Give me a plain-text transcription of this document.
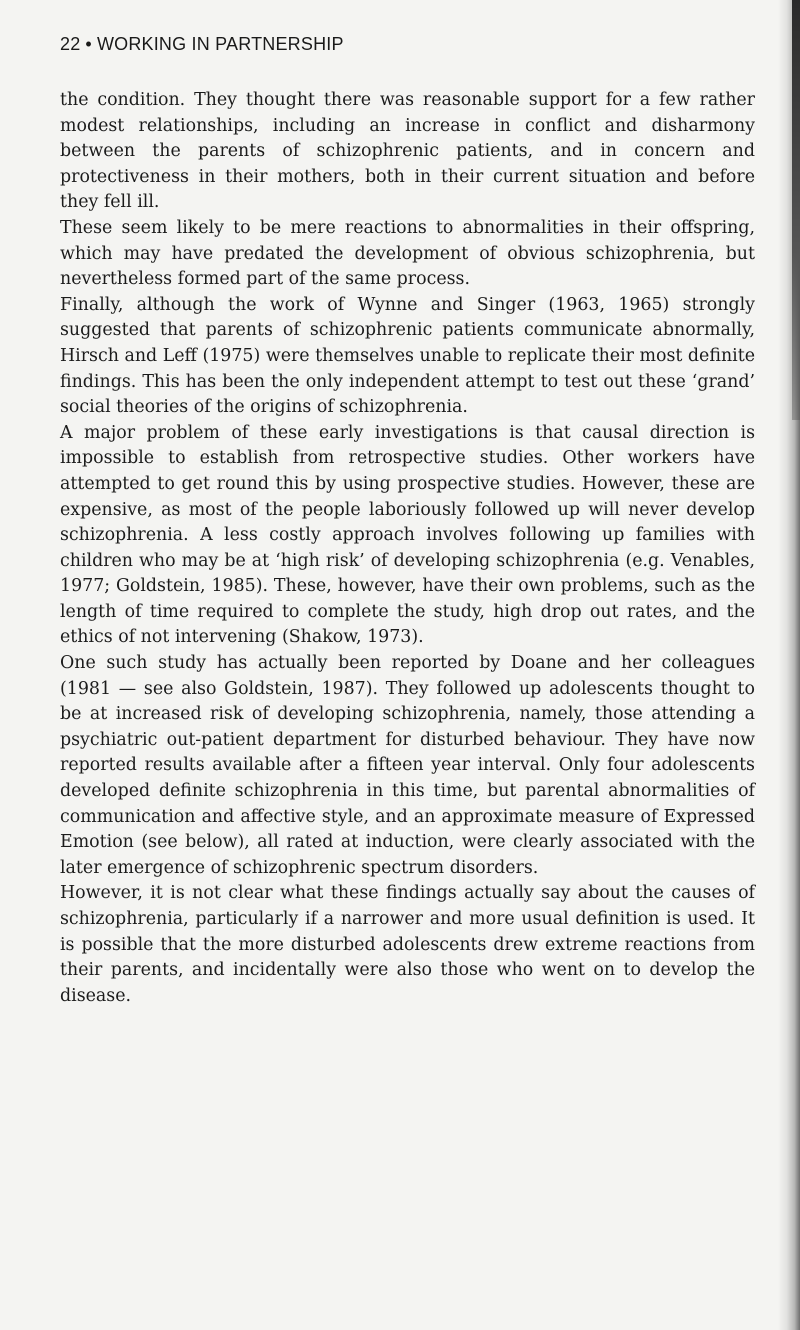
22 • WORKING IN PARTNERSHIP

the condition. They thought there was reasonable support for a few rather modest relationships, including an increase in conflict and disharmony between the parents of schizophrenic patients, and in concern and protectiveness in their mothers, both in their current situation and before they fell ill.

These seem likely to be mere reactions to abnormalities in their offspring, which may have predated the development of obvious schizophrenia, but nevertheless formed part of the same process.

Finally, although the work of Wynne and Singer (1963, 1965) strongly suggested that parents of schizophrenic patients communicate abnormally, Hirsch and Leff (1975) were themselves unable to replicate their most definite findings. This has been the only independent attempt to test out these ‘grand’ social theories of the origins of schizophrenia.

A major problem of these early investigations is that causal direction is impossible to establish from retrospective studies. Other workers have attempted to get round this by using prospective studies. However, these are expensive, as most of the people laboriously followed up will never develop schizophrenia. A less costly approach involves following up families with children who may be at ‘high risk’ of developing schizophrenia (e.g. Venables, 1977; Goldstein, 1985). These, however, have their own problems, such as the length of time required to complete the study, high drop out rates, and the ethics of not intervening (Shakow, 1973).

One such study has actually been reported by Doane and her colleagues (1981 — see also Goldstein, 1987). They followed up adolescents thought to be at increased risk of developing schizophrenia, namely, those attending a psychiatric out-patient department for disturbed behaviour. They have now reported results available after a fifteen year interval. Only four adolescents developed definite schizophrenia in this time, but parental abnormalities of communication and affective style, and an approximate measure of Expressed Emotion (see below), all rated at induction, were clearly associated with the later emergence of schizophrenic spectrum disorders.

However, it is not clear what these findings actually say about the causes of schizophrenia, particularly if a narrower and more usual definition is used. It is possible that the more disturbed adolescents drew extreme reactions from their parents, and incidentally were also those who went on to develop the disease.
